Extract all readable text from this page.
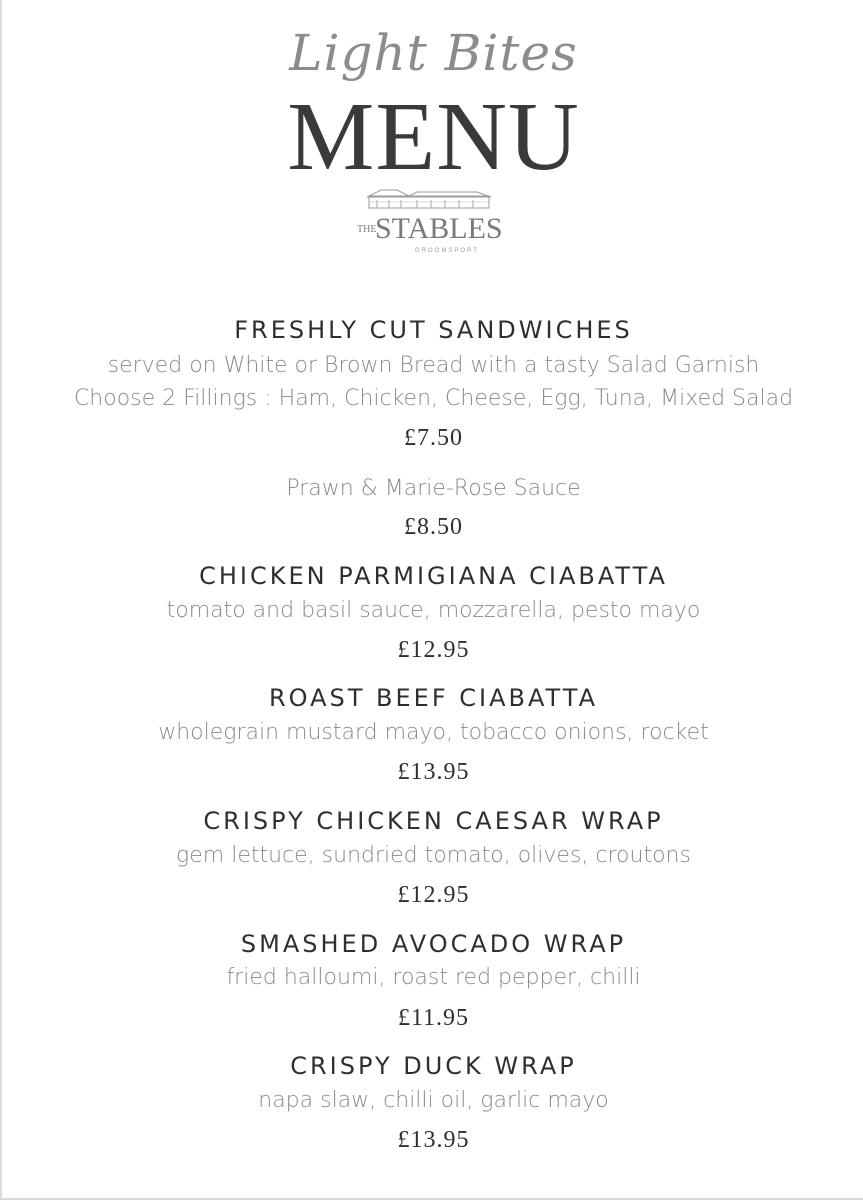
Light Bites
MENU
THE
STABLES
GROOMSPORT
FRESHLY CUT SANDWICHES
served on White or Brown Bread with a tasty Salad Garnish
Choose 2 Fillings : Ham, Chicken, Cheese, Egg, Tuna, Mixed Salad
£7.50
Prawn & Marie-Rose Sauce
£8.50
CHICKEN PARMIGIANA CIABATTA
tomato and basil sauce, mozzarella, pesto mayo
£12.95
ROAST BEEF CIABATTA
wholegrain mustard mayo, tobacco onions, rocket
£13.95
CRISPY CHICKEN CAESAR WRAP
gem lettuce, sundried tomato, olives, croutons
£12.95
SMASHED AVOCADO WRAP
fried halloumi, roast red pepper, chilli
£11.95
CRISPY DUCK WRAP
napa slaw, chilli oil, garlic mayo
£13.95
